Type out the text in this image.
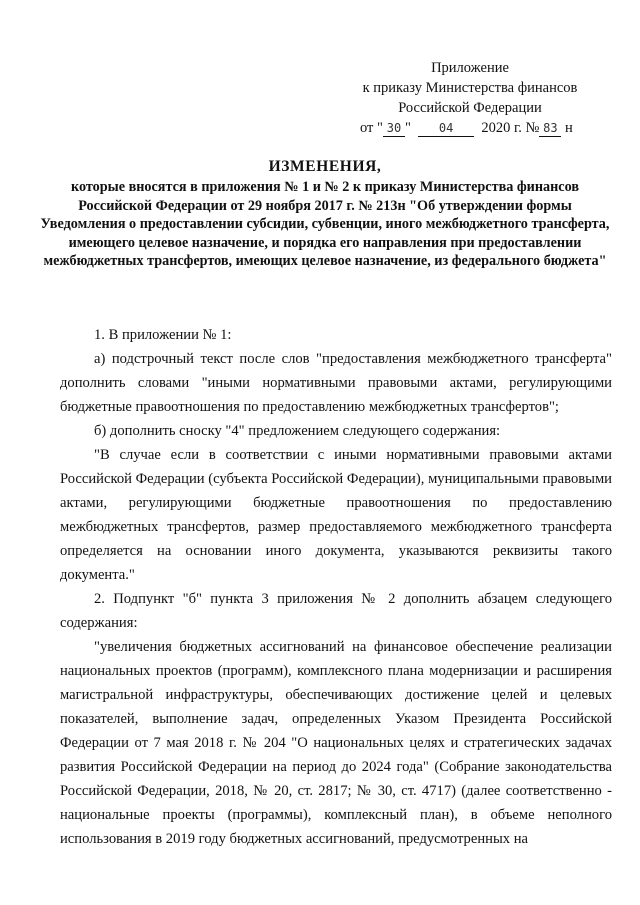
Приложение
к приказу Министерства финансов
Российской Федерации
от " 30 " 04 2020 г. № 83 н
ИЗМЕНЕНИЯ,
которые вносятся в приложения № 1 и № 2 к приказу Министерства финансов Российской Федерации от 29 ноября 2017 г. № 213н "Об утверждении формы Уведомления о предоставлении субсидии, субвенции, иного межбюджетного трансферта, имеющего целевое назначение, и порядка его направления при предоставлении межбюджетных трансфертов, имеющих целевое назначение, из федерального бюджета"

1. В приложении № 1:

а) подстрочный текст после слов "предоставления межбюджетного трансферта" дополнить словами "иными нормативными правовыми актами, регулирующими бюджетные правоотношения по предоставлению межбюджетных трансфертов";

б) дополнить сноску "4" предложением следующего содержания:

"В случае если в соответствии с иными нормативными правовыми актами Российской Федерации (субъекта Российской Федерации), муниципальными правовыми актами, регулирующими бюджетные правоотношения по предоставлению межбюджетных трансфертов, размер предоставляемого межбюджетного трансферта определяется на основании иного документа, указываются реквизиты такого документа."

2. Подпункт "б" пункта 3 приложения № 2 дополнить абзацем следующего содержания:

"увеличения бюджетных ассигнований на финансовое обеспечение реализации национальных проектов (программ), комплексного плана модернизации и расширения магистральной инфраструктуры, обеспечивающих достижение целей и целевых показателей, выполнение задач, определенных Указом Президента Российской Федерации от 7 мая 2018 г. № 204 "О национальных целях и стратегических задачах развития Российской Федерации на период до 2024 года" (Собрание законодательства Российской Федерации, 2018, № 20, ст. 2817; № 30, ст. 4717) (далее соответственно - национальные проекты (программы), комплексный план), в объеме неполного использования в 2019 году бюджетных ассигнований, предусмотренных на
